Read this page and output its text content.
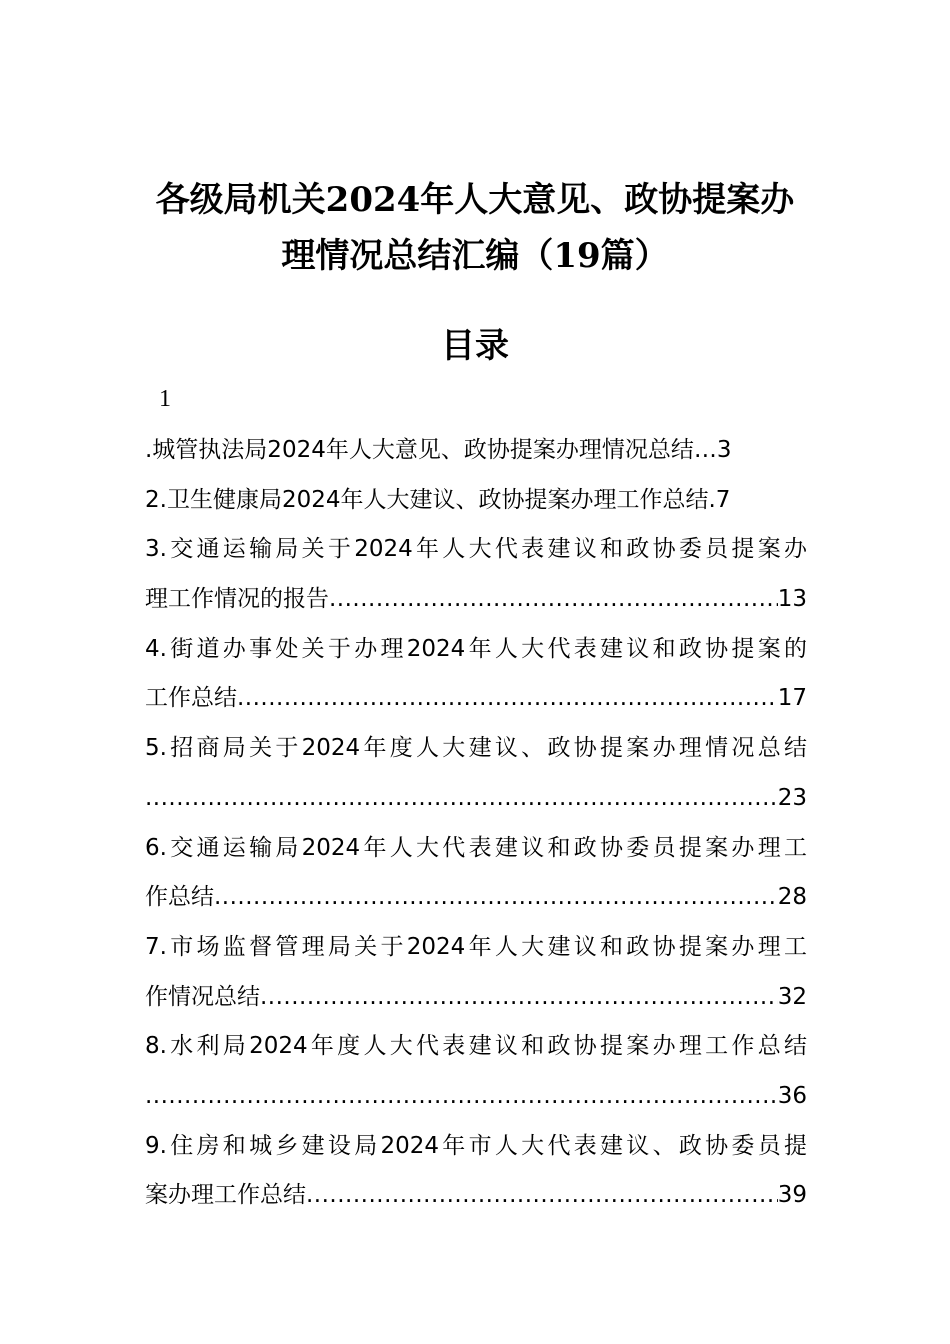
各级局机关2024年人大意见、政协提案办
理情况总结汇编（19篇）
目录
1
.城管执法局2024年人大意见、政协提案办理情况总结 … 3
2.卫生健康局2024年人大建议、政协提案办理工作总结 . 7
3.交通运输局关于2024年人大代表建议和政协委员提案办
理工作情况的报告 .....	13
4.街道办事处关于办理2024年人大代表建议和政协提案的
工作总结 .....	17
5.招商局关于2024年度人大建议、政协提案办理情况总结
.....
23
6.交通运输局2024年人大代表建议和政协委员提案办理工
作总结 .....	28
7.市场监督管理局关于2024年人大建议和政协提案办理工
作情况总结 .....	32
8.水利局2024年度人大代表建议和政协提案办理工作总结
.....
36
9.住房和城乡建设局2024年市人大代表建议、政协委员提
案办理工作总结 .....	39
